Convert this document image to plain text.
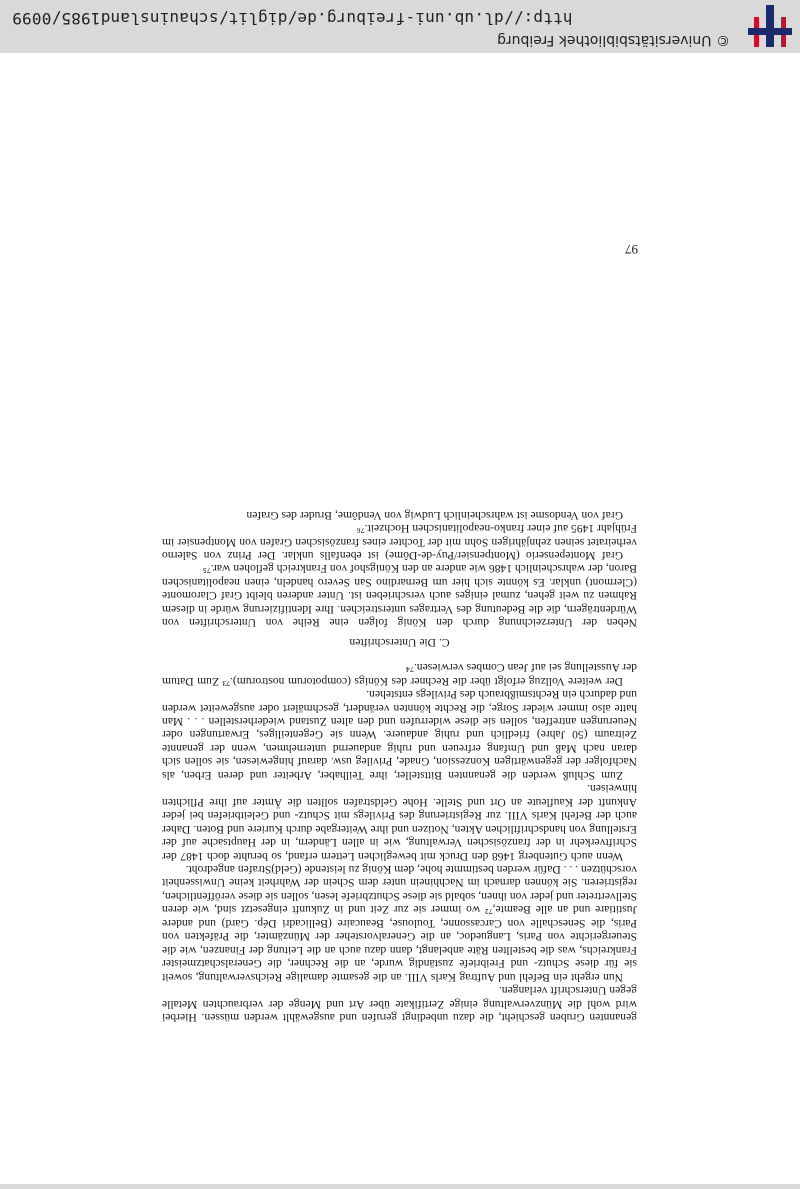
© Universitätsbibliothek Freiburg
http://dl.ub.uni-freiburg.de/diglit/schauinsland1985/0099

genannten Gruben geschieht, die dazu unbedingt gerufen und ausgewählt werden müssen. Hierbei wird wohl die Münzverwaltung einige Zertifikate über Art und Menge der verbrauchten Metalle gegen Unterschrift verlangen.

Nun ergeht ein Befehl und Auftrag Karls VIII. an die gesamte damalige Reichsverwaltung, soweit sie für diese Schutz- und Freibriefe zuständig wurde, an die Rechner, die Generalschatzmeister Frankreichs, was die bestellten Räte anbelangt, dann dazu auch an die Leitung der Finanzen, wie die Steuergerichte von Paris, Languedoc, an die Generalvorsteher der Münzämter, die Präfekten von Paris, die Seneschalle von Carcassonne, Toulouse, Beaucaire (Bellicadri Dép. Gard) und andere Justitiare und an alle Beamte,⁷² wo immer sie zur Zeit und in Zukunft eingesetzt sind, wie deren Stellvertreter und jeder von ihnen, sobald sie diese Schutzbriefe lesen, sollen sie diese veröffentlichen, registrieren. Sie können darnach im Nachhinein unter dem Schein der Wahrheit keine Unwissenheit vorschützen . . . Dafür werden bestimmte hohe, dem König zu leistende (Geld)Strafen angedroht.

Wenn auch Gutenberg 1468 den Druck mit beweglichen Lettern erfand, so beruhte doch 1487 der Schriftverkehr in der französischen Verwaltung, wie in allen Ländern, in der Hauptsache auf der Erstellung von handschriftlichen Akten, Notizen und ihre Weitergabe durch Kuriere und Boten. Daher auch der Befehl Karls VIII. zur Registrierung des Privilegs mit Schutz- und Geleitbriefen bei jeder Ankunft der Kaufleute an Ort und Stelle. Hohe Geldstrafen sollten die Ämter auf ihre Pflichten hinweisen.

Zum Schluß werden die genannten Bittsteller, ihre Teilhaber, Arbeiter und deren Erben, als Nachfolger der gegenwärtigen Konzession, Gnade, Privileg usw. darauf hingewiesen, sie sollen sich daran nach Maß und Umfang erfreuen und ruhig andauernd unternehmen, wenn der genannte Zeitraum (50 Jahre) friedlich und ruhig andauere. Wenn sie Gegenteiliges, Erwartungen oder Neuerungen antreffen, sollen sie diese widerrufen und den alten Zustand wiederherstellen . . . Man hatte also immer wieder Sorge, die Rechte könnten verändert, geschmälert oder ausgeweitet werden und dadurch ein Rechtsmißbrauch des Privilegs entstehen.

Der weitere Vollzug erfolgt über die Rechner des Königs (compotorum nostrorum).⁷³ Zum Datum der Ausstellung sei auf Jean Combes verwiesen.⁷⁴

C. Die Unterschriften

Neben der Unterzeichnung durch den König folgen eine Reihe von Unterschriften von Würdenträgern, die die Bedeutung des Vertrages unterstreichen. Ihre Identifizierung würde in diesem Rahmen zu weit gehen, zumal einiges auch verschrieben ist. Unter anderen bleibt Graf Claromonte (Clermont) unklar. Es könnte sich hier um Bernardino San Severo handeln, einen neapolitanischen Baron, der wahrscheinlich 1486 wie andere an den Königshof von Frankreich geflohen war.⁷⁵

Graf Montepenserio (Montpensier/Puy-de-Dôme) ist ebenfalls unklar. Der Prinz von Salerno verheiratet seinen zehnjährigen Sohn mit der Tochter eines französischen Grafen von Montpensier im Frühjahr 1495 auf einer franko-neapolitanischen Hochzeit.⁷⁶

Graf von Vendosme ist wahrscheinlich Ludwig von Vendôme, Bruder des Grafen

97
